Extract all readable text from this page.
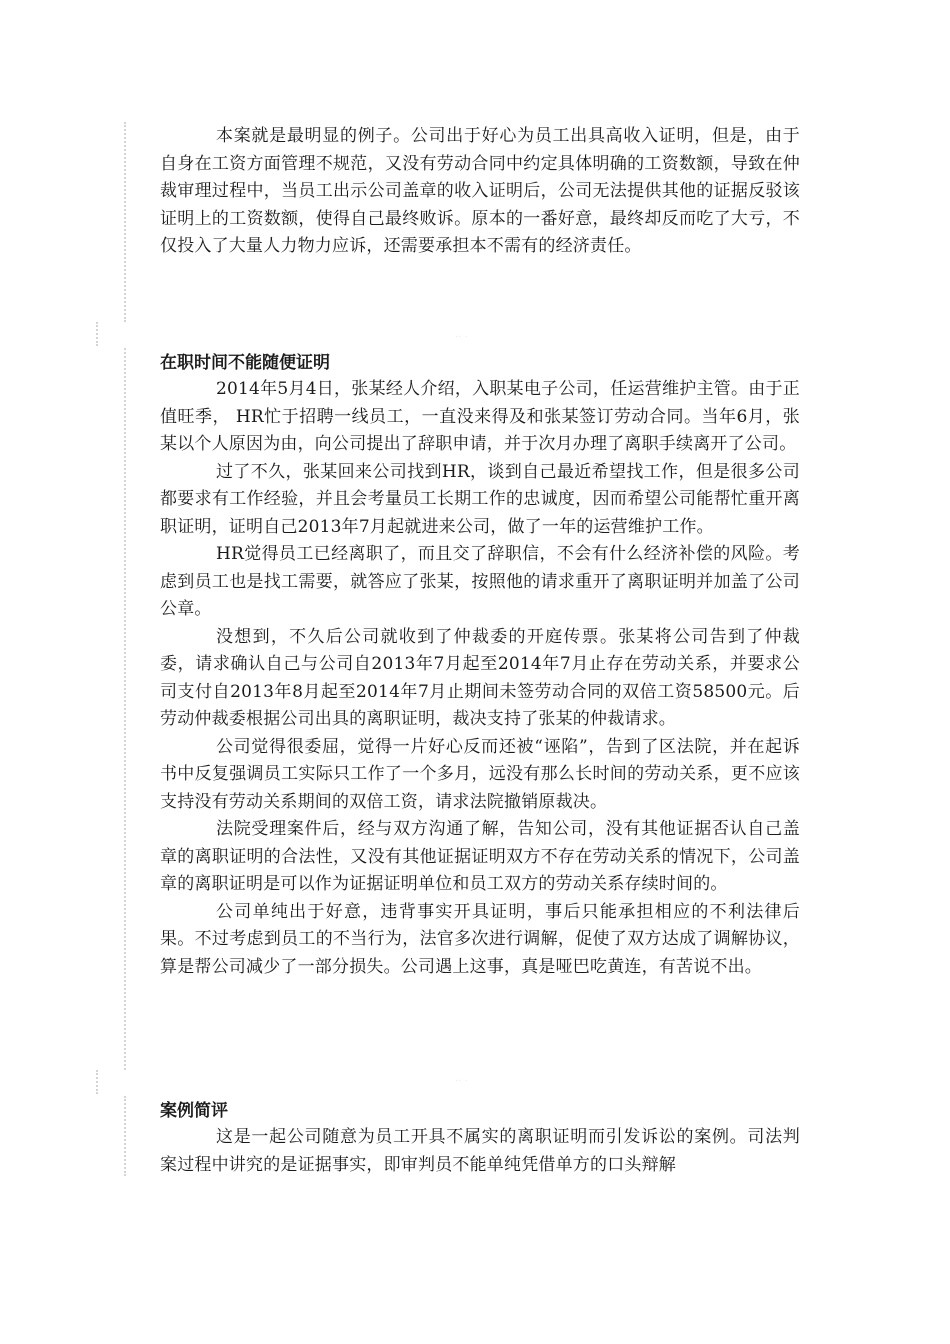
·· ·
·· ·

本案就是最明显的例子。公司出于好心为员工出具高收入证明，但是，由于自身在工资方面管理不规范，又没有劳动合同中约定具体明确的工资数额，导致在仲裁审理过程中，当员工出示公司盖章的收入证明后，公司无法提供其他的证据反驳该证明上的工资数额，使得自己最终败诉。原本的一番好意，最终却反而吃了大亏，不仅投入了大量人力物力应诉，还需要承担本不需有的经济责任。

在职时间不能随便证明

2014年5月4日，张某经人介绍，入职某电子公司，任运营维护主管。由于正值旺季， HR忙于招聘一线员工，一直没来得及和张某签订劳动合同。当年6月，张某以个人原因为由，向公司提出了辞职申请，并于次月办理了离职手续离开了公司。

过了不久，张某回来公司找到HR，谈到自己最近希望找工作，但是很多公司都要求有工作经验，并且会考量员工长期工作的忠诚度，因而希望公司能帮忙重开离职证明，证明自己2013年7月起就进来公司，做了一年的运营维护工作。

HR觉得员工已经离职了，而且交了辞职信，不会有什么经济补偿的风险。考虑到员工也是找工需要，就答应了张某，按照他的请求重开了离职证明并加盖了公司公章。

没想到，不久后公司就收到了仲裁委的开庭传票。张某将公司告到了仲裁委，请求确认自己与公司自2013年7月起至2014年7月止存在劳动关系，并要求公司支付自2013年8月起至2014年7月止期间未签劳动合同的双倍工资58500元。后劳动仲裁委根据公司出具的离职证明，裁决支持了张某的仲裁请求。

公司觉得很委屈，觉得一片好心反而还被“诬陷”，告到了区法院，并在起诉书中反复强调员工实际只工作了一个多月，远没有那么长时间的劳动关系，更不应该支持没有劳动关系期间的双倍工资，请求法院撤销原裁决。

法院受理案件后，经与双方沟通了解，告知公司，没有其他证据否认自己盖章的离职证明的合法性，又没有其他证据证明双方不存在劳动关系的情况下，公司盖章的离职证明是可以作为证据证明单位和员工双方的劳动关系存续时间的。

公司单纯出于好意，违背事实开具证明，事后只能承担相应的不利法律后果。不过考虑到员工的不当行为，法官多次进行调解，促使了双方达成了调解协议，算是帮公司减少了一部分损失。公司遇上这事，真是哑巴吃黄连，有苦说不出。

案例简评

这是一起公司随意为员工开具不属实的离职证明而引发诉讼的案例。司法判案过程中讲究的是证据事实，即审判员不能单纯凭借单方的口头辩解
